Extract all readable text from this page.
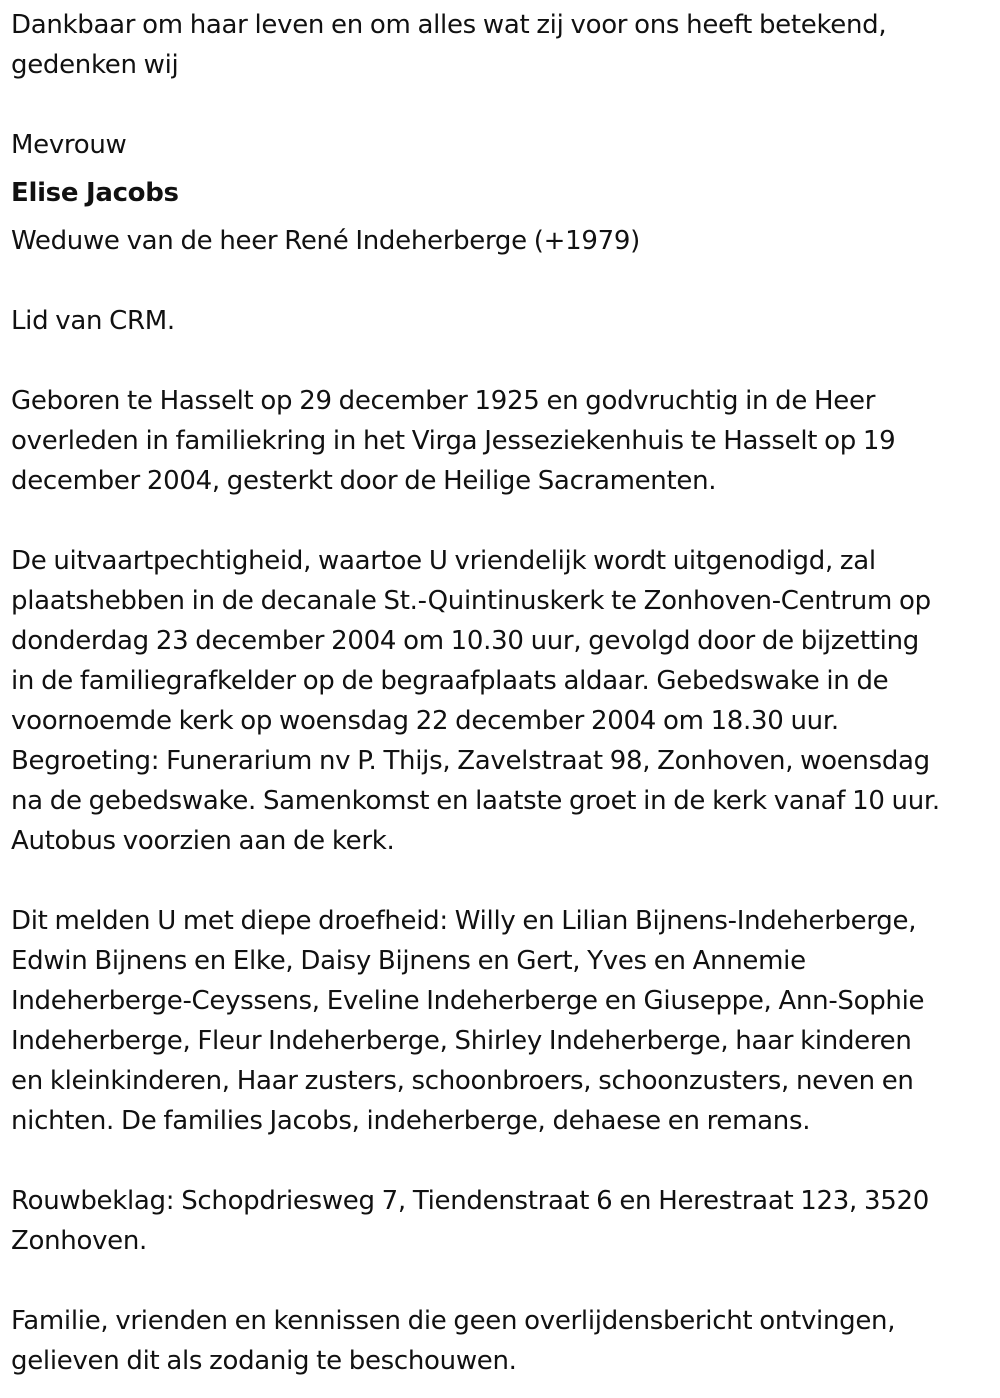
Dankbaar om haar leven en om alles wat zij voor ons heeft betekend,
gedenken wij
Mevrouw
Elise Jacobs
Weduwe van de heer René Indeherberge (+1979)
Lid van CRM.
Geboren te Hasselt op 29 december 1925 en godvruchtig in de Heer
overleden in familiekring in het Virga Jesseziekenhuis te Hasselt op 19
december 2004, gesterkt door de Heilige Sacramenten.
De uitvaartpechtigheid, waartoe U vriendelijk wordt uitgenodigd, zal
plaatshebben in de decanale St.-Quintinuskerk te Zonhoven-Centrum op
donderdag 23 december 2004 om 10.30 uur, gevolgd door de bijzetting
in de familiegrafkelder op de begraafplaats aldaar. Gebedswake in de
voornoemde kerk op woensdag 22 december 2004 om 18.30 uur.
Begroeting: Funerarium nv P. Thijs, Zavelstraat 98, Zonhoven, woensdag
na de gebedswake. Samenkomst en laatste groet in de kerk vanaf 10 uur.
Autobus voorzien aan de kerk.
Dit melden U met diepe droefheid: Willy en Lilian Bijnens-Indeherberge,
Edwin Bijnens en Elke, Daisy Bijnens en Gert, Yves en Annemie
Indeherberge-Ceyssens, Eveline Indeherberge en Giuseppe, Ann-Sophie
Indeherberge, Fleur Indeherberge, Shirley Indeherberge, haar kinderen
en kleinkinderen, Haar zusters, schoonbroers, schoonzusters, neven en
nichten. De families Jacobs, indeherberge, dehaese en remans.
Rouwbeklag: Schopdriesweg 7, Tiendenstraat 6 en Herestraat 123, 3520
Zonhoven.
Familie, vrienden en kennissen die geen overlijdensbericht ontvingen,
gelieven dit als zodanig te beschouwen.
